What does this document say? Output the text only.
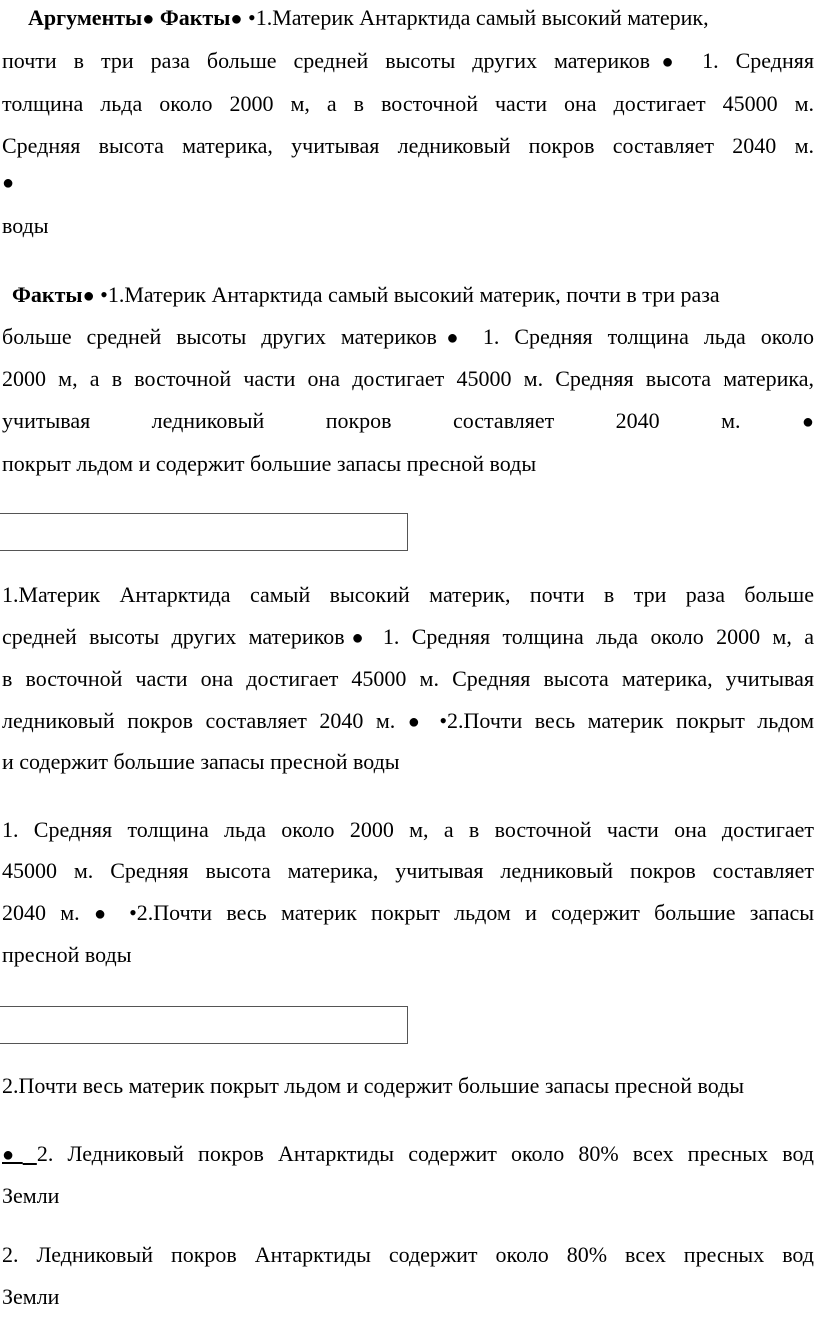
Аргументы● Факты● •1.Материк Антарктида самый высокий материк,
почти в три раза больше средней высоты других материков● 1. Средняя
толщина льда около 2000 м, а в восточной части она достигает 45000 м.
Средняя высота материка, учитывая ледниковый покров составляет 2040 м.
●
воды
Факты● •1.Материк Антарктида самый высокий материк, почти в три раза
больше средней высоты других материков● 1. Средняя толщина льда около
2000 м, а в восточной части она достигает 45000 м. Средняя высота материка,
учитывая ледниковый покров составляет 2040 м.	●
покрыт льдом и содержит большие запасы пресной воды
1.Материк Антарктида самый высокий материк, почти в три раза больше
средней высоты других материков● 1. Средняя толщина льда около 2000 м, а
в восточной части она достигает 45000 м. Средняя высота материка, учитывая
ледниковый покров составляет 2040 м. ● •2.Почти весь материк покрыт льдом
и содержит большие запасы пресной воды
1. Средняя толщина льда около 2000 м, а в восточной части она достигает
45000 м. Средняя высота материка, учитывая ледниковый покров составляет
2040 м. ● •2.Почти весь материк покрыт льдом и содержит большие запасы
пресной воды
2.Почти весь материк покрыт льдом и содержит большие запасы пресной воды
● 2. Ледниковый покров Антарктиды содержит около 80% всех пресных вод
Земли
2. Ледниковый покров Антарктиды содержит около 80% всех пресных вод
Земли
